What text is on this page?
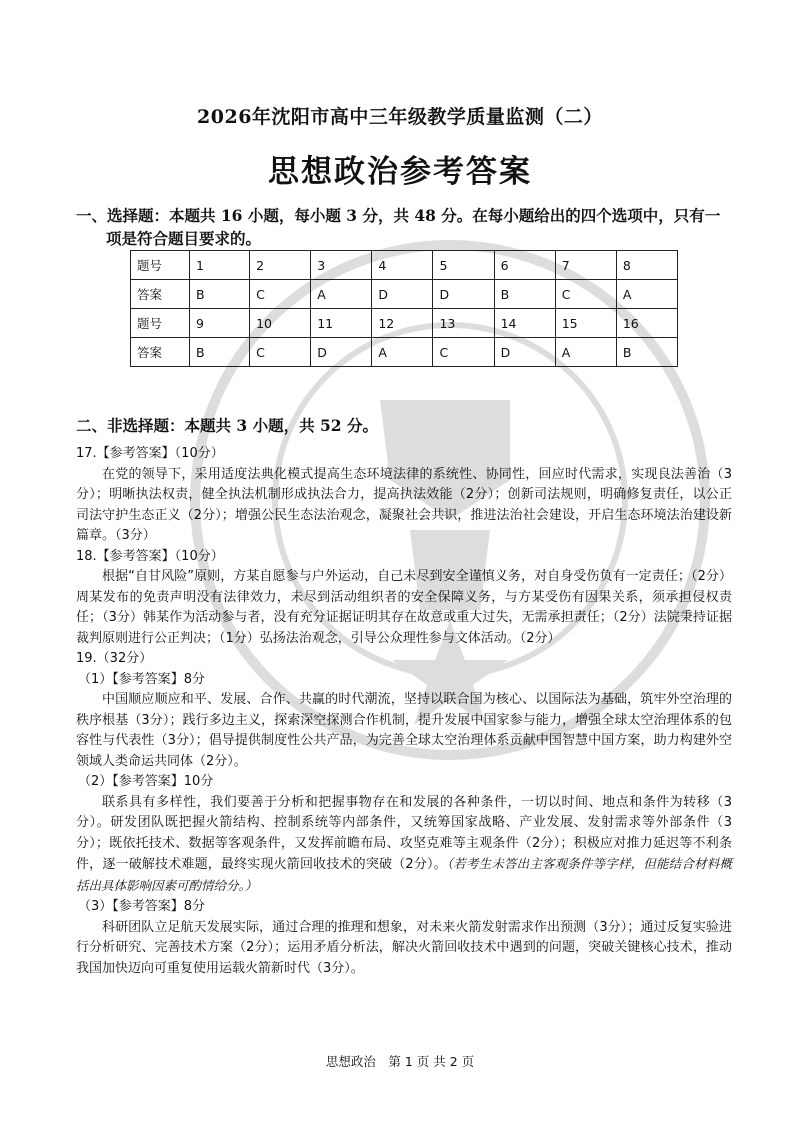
2026年沈阳市高中三年级教学质量监测（二）
思想政治参考答案
一、选择题：本题共 16 小题，每小题 3 分，共 48 分。在每小题给出的四个选项中，只有一
项是符合题目要求的。
题号	1	2	3	4	5	6	7	8
答案	B	C	A	D	D	B	C	A
题号	9	10	11	12	13	14	15	16
答案	B	C	D	A	C	D	A	B
二、非选择题：本题共 3 小题，共 52 分。

17.【参考答案】（10分）

在党的领导下，采用适度法典化模式提高生态环境法律的系统性、协同性，回应时代需求，实现良法善治（3分）；明晰执法权责，健全执法机制形成执法合力，提高执法效能（2分）；创新司法规则，明确修复责任，以公正司法守护生态正义（2分）；增强公民生态法治观念，凝聚社会共识，推进法治社会建设，开启生态环境法治建设新篇章。（3分）

18.【参考答案】（10分）

根据“自甘风险”原则，方某自愿参与户外运动，自己未尽到安全谨慎义务，对自身受伤负有一定责任；（2分）周某发布的免责声明没有法律效力，未尽到活动组织者的安全保障义务，与方某受伤有因果关系，须承担侵权责任；（3分）韩某作为活动参与者，没有充分证据证明其存在故意或重大过失，无需承担责任；（2分）法院秉持证据裁判原则进行公正判决；（1分）弘扬法治观念，引导公众理性参与文体活动。（2分）

19.（32分）

（1）【参考答案】8分

中国顺应顺应和平、发展、合作、共赢的时代潮流，坚持以联合国为核心、以国际法为基础，筑牢外空治理的秩序根基（3分）；践行多边主义，探索深空探测合作机制，提升发展中国家参与能力，增强全球太空治理体系的包容性与代表性（3分）；倡导提供制度性公共产品，为完善全球太空治理体系贡献中国智慧中国方案，助力构建外空领域人类命运共同体（2分）。

（2）【参考答案】10分

联系具有多样性，我们要善于分析和把握事物存在和发展的各种条件，一切以时间、地点和条件为转移（3分）。研发团队既把握火箭结构、控制系统等内部条件，又统筹国家战略、产业发展、发射需求等外部条件（3分）；既依托技术、数据等客观条件，又发挥前瞻布局、攻坚克难等主观条件（2分）；积极应对推力延迟等不利条件，逐一破解技术难题，最终实现火箭回收技术的突破（2分）。（若考生未答出主客观条件等字样，但能结合材料概括出具体影响因素可酌情给分。）

（3）【参考答案】8分

科研团队立足航天发展实际，通过合理的推理和想象，对未来火箭发射需求作出预测（3分）；通过反复实验进行分析研究、完善技术方案（2分）；运用矛盾分析法，解决火箭回收技术中遇到的问题，突破关键核心技术，推动我国加快迈向可重复使用运载火箭新时代（3分）。

思想政治　第 1 页 共 2 页
